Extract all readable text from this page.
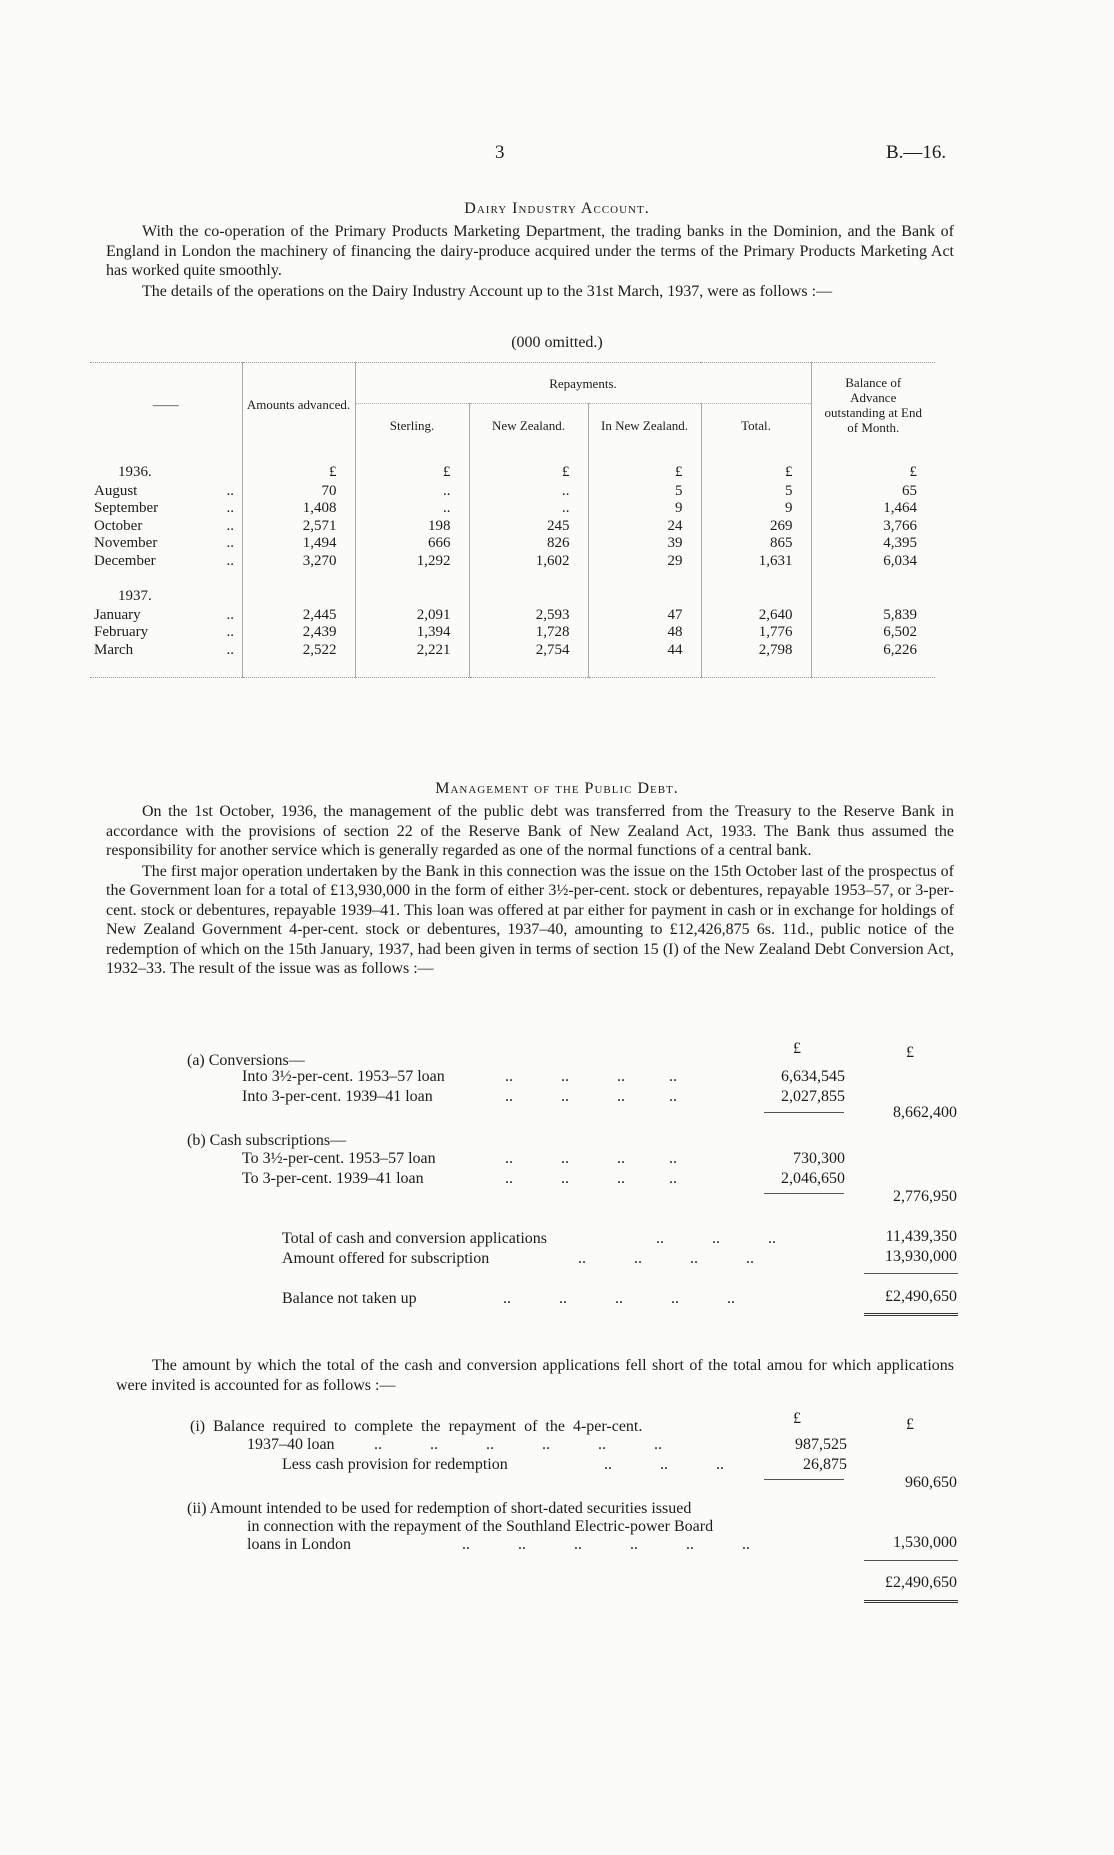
3	B.—16.
Dairy Industry Account.

With the co-operation of the Primary Products Marketing Department, the trading banks in the Dominion, and the Bank of England in London the machinery of financing the dairy-produce acquired under the terms of the Primary Products Marketing Act has worked quite smoothly.

The details of the operations on the Dairy Industry Account up to the 31st March, 1937, were as follows :—

(000 omitted.)
——	Amounts advanced.	Repayments.				Balance of Advance outstanding at End of Month.
		Sterling.	New Zealand.	In New Zealand.	Total.	

1936.	£	£	£	£	£	£
August ..	70	..	..	5	5	65
September ..	1,408	..	..	9	9	1,464
October ..	2,571	198	245	24	269	3,766
November ..	1,494	666	826	39	865	4,395
December ..	3,270	1,292	1,602	29	1,631	6,034

1937.						
January ..	2,445	2,091	2,593	47	2,640	5,839
February ..	2,439	1,394	1,728	48	1,776	6,502
March ..	2,522	2,221	2,754	44	2,798	6,226

Management of the Public Debt.

On the 1st October, 1936, the management of the public debt was transferred from the Treasury to the Reserve Bank in accordance with the provisions of section 22 of the Reserve Bank of New Zealand Act, 1933. The Bank thus assumed the responsibility for another service which is generally regarded as one of the normal functions of a central bank.

The first major operation undertaken by the Bank in this connection was the issue on the 15th October last of the prospectus of the Government loan for a total of £13,930,000 in the form of either 3½-per-cent. stock or debentures, repayable 1953–57, or 3-per-cent. stock or debentures, repayable 1939–41. This loan was offered at par either for payment in cash or in exchange for holdings of New Zealand Government 4-per-cent. stock or debentures, 1937–40, amounting to £12,426,875 6s. 11d., public notice of the redemption of which on the 15th January, 1937, had been given in terms of section 15 (I) of the New Zealand Debt Conversion Act, 1932–33. The result of the issue was as follows :—

£	£
(a) Conversions—
Into 3½-per-cent. 1953–57 loan	..            ..            ..           ..	6,634,545
Into 3-per-cent. 1939–41 loan	..            ..            ..           ..	2,027,855
8,662,400
(b) Cash subscriptions—
To 3½-per-cent. 1953–57 loan	..            ..            ..           ..	730,300
To 3-per-cent. 1939–41 loan	..            ..            ..           ..	2,046,650
2,776,950
Total of cash and conversion applications	..            ..            ..	11,439,350
Amount offered for subscription	..            ..            ..            ..	13,930,000
Balance not taken up	..            ..            ..            ..            ..	£2,490,650

The amount by which the total of the cash and conversion applications fell short of the total amou for which applications were invited is accounted for as follows :—

£	£
(i) Balance required to complete the repayment of the 4-per-cent.
1937–40 loan ..            ..            ..            ..            ..            ..	987,525
Less cash provision for redemption	..            ..            ..	26,875
960,650
(ii) Amount intended to be used for redemption of short-dated securities issued
in connection with the repayment of the Southland Electric-power Board
loans in London	..            ..            ..            ..            ..            ..	1,530,000
£2,490,650
